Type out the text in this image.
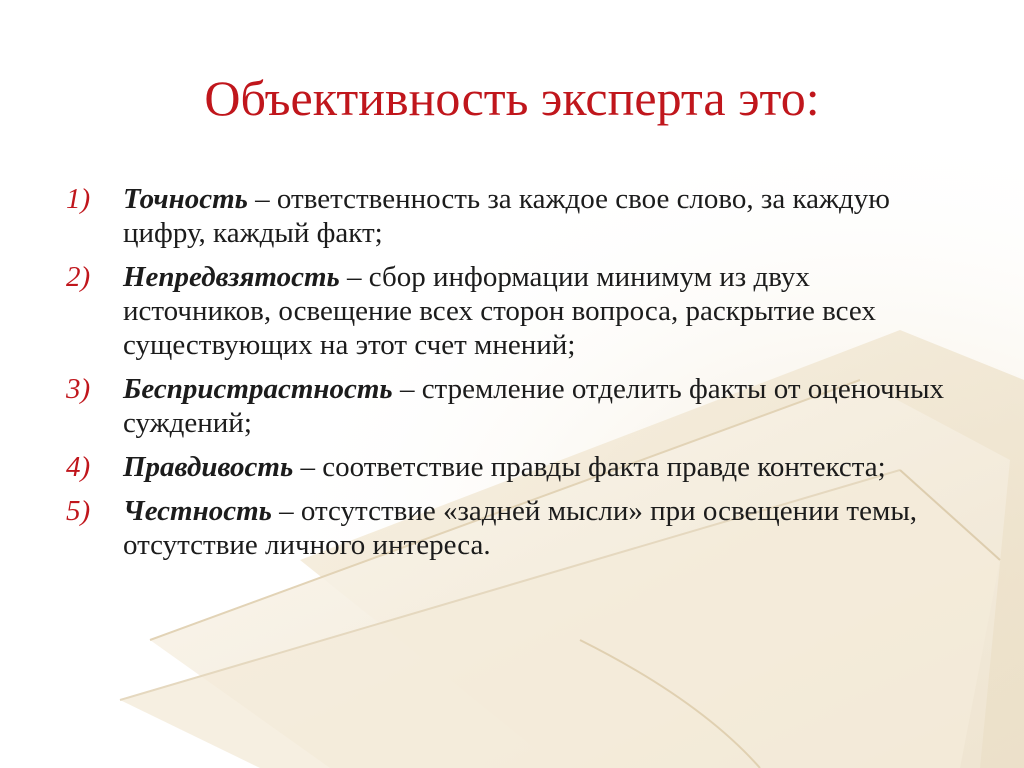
Объективность эксперта это:
1) Точность – ответственность за каждое свое слово, за каждую цифру, каждый факт;
2) Непредвзятость – сбор информации минимум из двух источников, освещение всех сторон вопроса, раскрытие всех существующих на этот счет мнений;
3) Беспристрастность – стремление отделить факты от оценочных суждений;
4) Правдивость – соответствие правды факта правде контекста;
5) Честность – отсутствие «задней мысли» при освещении темы, отсутствие личного интереса.
